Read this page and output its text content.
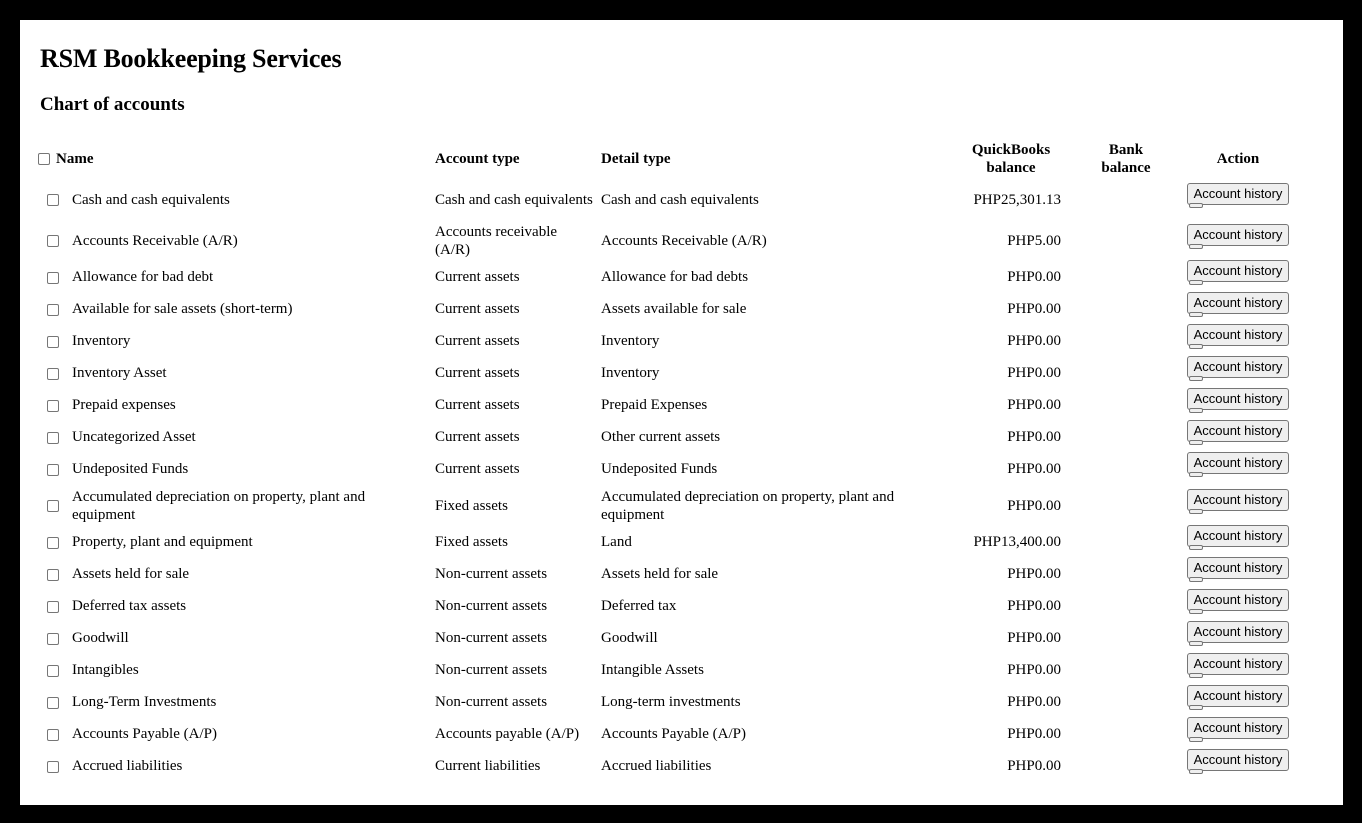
RSM Bookkeeping Services
Chart of accounts
Name		Account type	Detail type	QuickBooks balance	Bank balance	Action
	Cash and cash equivalents	Cash and cash equivalents	Cash and cash equivalents	PHP25,301.13		Account history

	Accounts Receivable (A/R)	Accounts receivable (A/R)	Accounts Receivable (A/R)	PHP5.00		Account history

	Allowance for bad debt	Current assets	Allowance for bad debts	PHP0.00		Account history

	Available for sale assets (short-term)	Current assets	Assets available for sale	PHP0.00		Account history

	Inventory	Current assets	Inventory	PHP0.00		Account history

	Inventory Asset	Current assets	Inventory	PHP0.00		Account history

	Prepaid expenses	Current assets	Prepaid Expenses	PHP0.00		Account history

	Uncategorized Asset	Current assets	Other current assets	PHP0.00		Account history

	Undeposited Funds	Current assets	Undeposited Funds	PHP0.00		Account history

	Accumulated depreciation on property, plant and equipment	Fixed assets	Accumulated depreciation on property, plant and equipment	PHP0.00		Account history

	Property, plant and equipment	Fixed assets	Land	PHP13,400.00		Account history

	Assets held for sale	Non-current assets	Assets held for sale	PHP0.00		Account history

	Deferred tax assets	Non-current assets	Deferred tax	PHP0.00		Account history

	Goodwill	Non-current assets	Goodwill	PHP0.00		Account history

	Intangibles	Non-current assets	Intangible Assets	PHP0.00		Account history

	Long-Term Investments	Non-current assets	Long-term investments	PHP0.00		Account history

	Accounts Payable (A/P)	Accounts payable (A/P)	Accounts Payable (A/P)	PHP0.00		Account history

	Accrued liabilities	Current liabilities	Accrued liabilities	PHP0.00		Account history
